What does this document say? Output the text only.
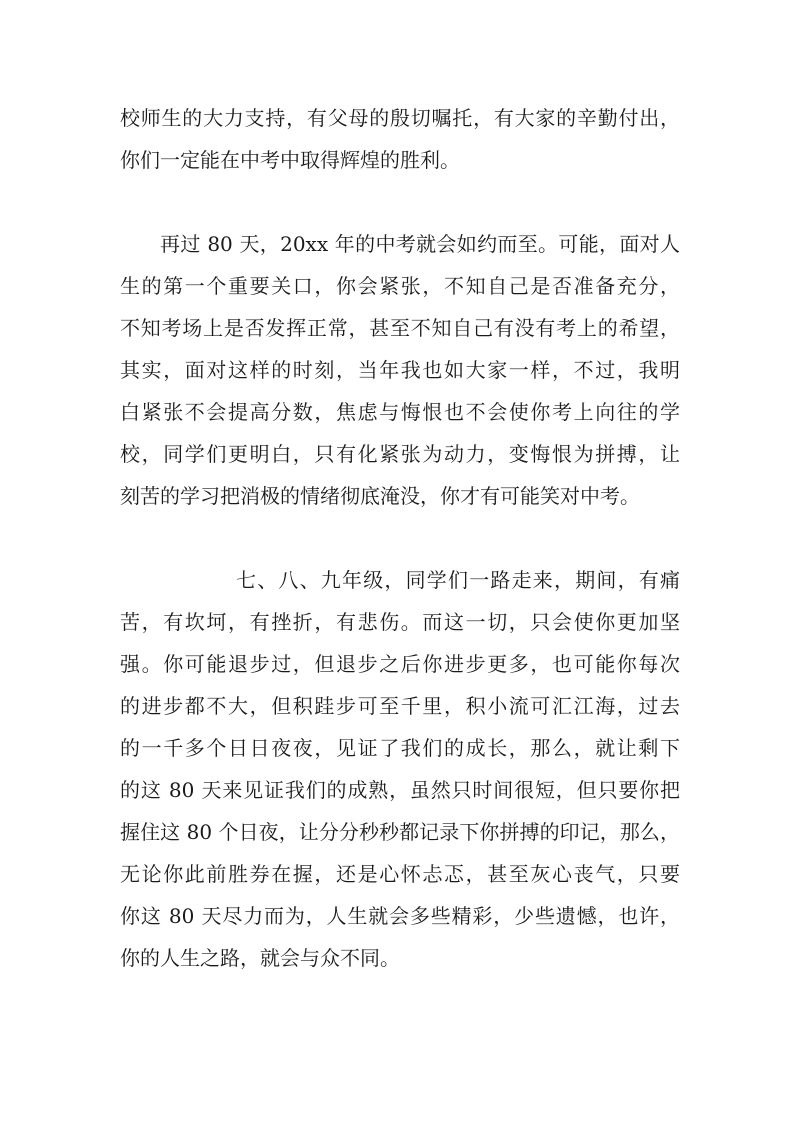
校师生的大力支持，有父母的殷切嘱托，有大家的辛勤付出，
你们一定能在中考中取得辉煌的胜利。
再过 80 天，20xx 年的中考就会如约而至。可能，面对人
生的第一个重要关口，你会紧张，不知自己是否准备充分，
不知考场上是否发挥正常，甚至不知自己有没有考上的希望，
其实，面对这样的时刻，当年我也如大家一样，不过，我明
白紧张不会提高分数，焦虑与悔恨也不会使你考上向往的学
校，同学们更明白，只有化紧张为动力，变悔恨为拼搏，让
刻苦的学习把消极的情绪彻底淹没，你才有可能笑对中考。
七、八、九年级，同学们一路走来，期间，有痛
苦，有坎坷，有挫折，有悲伤。而这一切，只会使你更加坚
强。你可能退步过，但退步之后你进步更多，也可能你每次
的进步都不大，但积跬步可至千里，积小流可汇江海，过去
的一千多个日日夜夜，见证了我们的成长，那么，就让剩下
的这 80 天来见证我们的成熟，虽然只时间很短，但只要你把
握住这 80 个日夜，让分分秒秒都记录下你拼搏的印记，那么，
无论你此前胜券在握，还是心怀忐忑，甚至灰心丧气，只要
你这 80 天尽力而为，人生就会多些精彩，少些遗憾，也许，
你的人生之路，就会与众不同。
